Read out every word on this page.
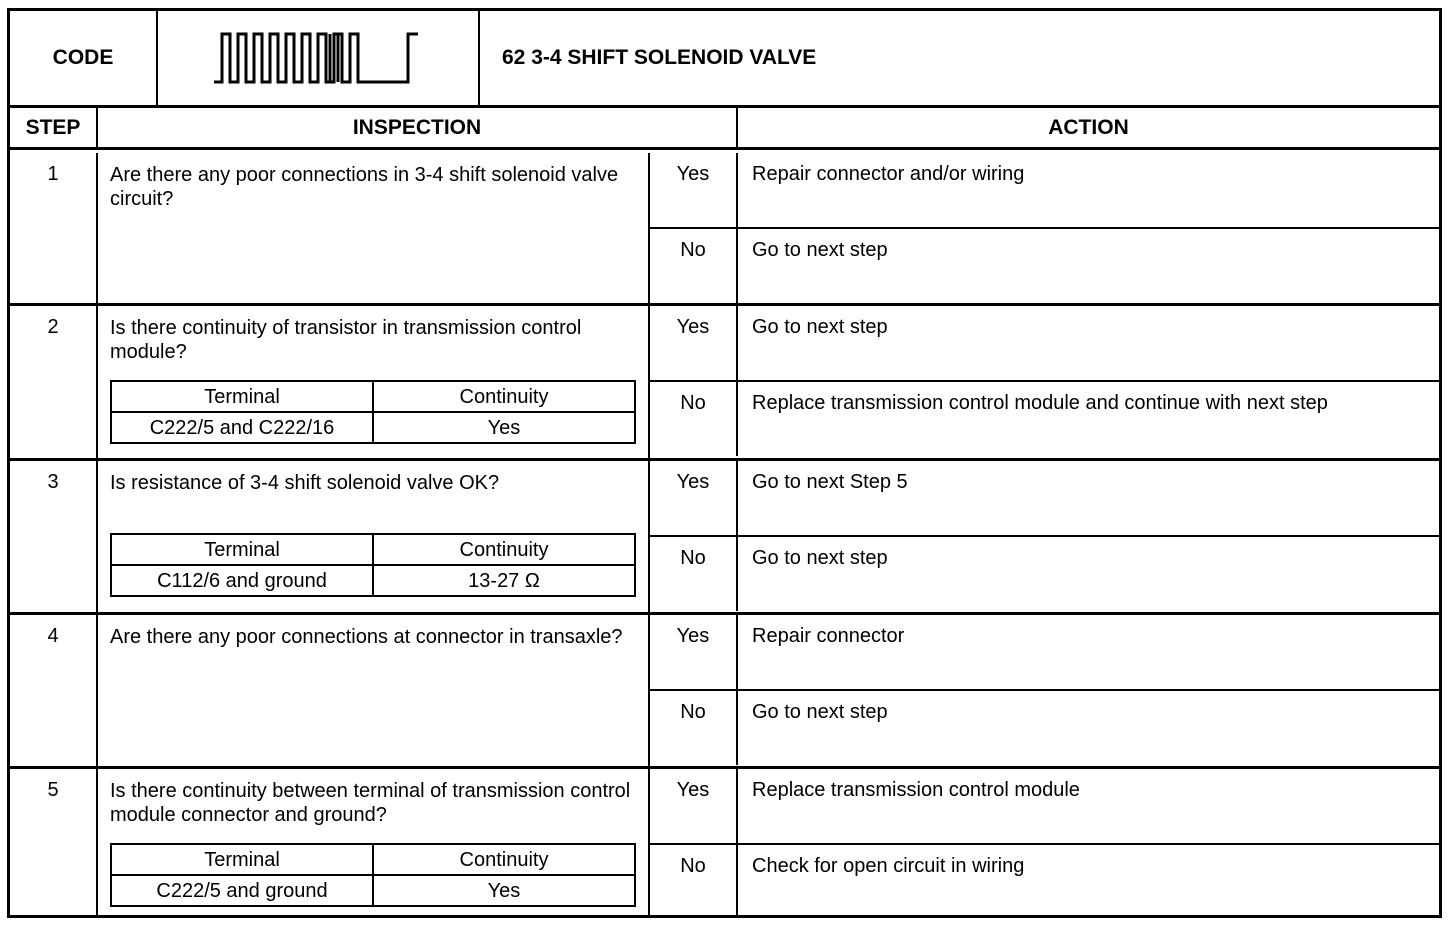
CODE	62 3-4 SHIFT SOLENOID VALVE
STEP	INSPECTION	ACTION
1	Are there any poor connections in 3-4 shift solenoid valve circuit?
Yes	Repair connector and/or wiring
No	Go to next step
2	Is there continuity of transistor in transmission control module?
Terminal	Continuity
C222/5 and C222/16	Yes
Yes	Go to next step
No	Replace transmission control module and continue with next step
3	Is resistance of 3-4 shift solenoid valve OK?
Terminal	Continuity
C112/6 and ground	13-27 Ω
Yes	Go to next Step 5
No	Go to next step
4	Are there any poor connections at connector in transaxle?	Yes	Repair connector
No	Go to next step
5	Is there continuity between terminal of transmission control module connector and ground?
Terminal	Continuity
C222/5 and ground	Yes
Yes	Replace transmission control module
No	Check for open circuit in wiring
